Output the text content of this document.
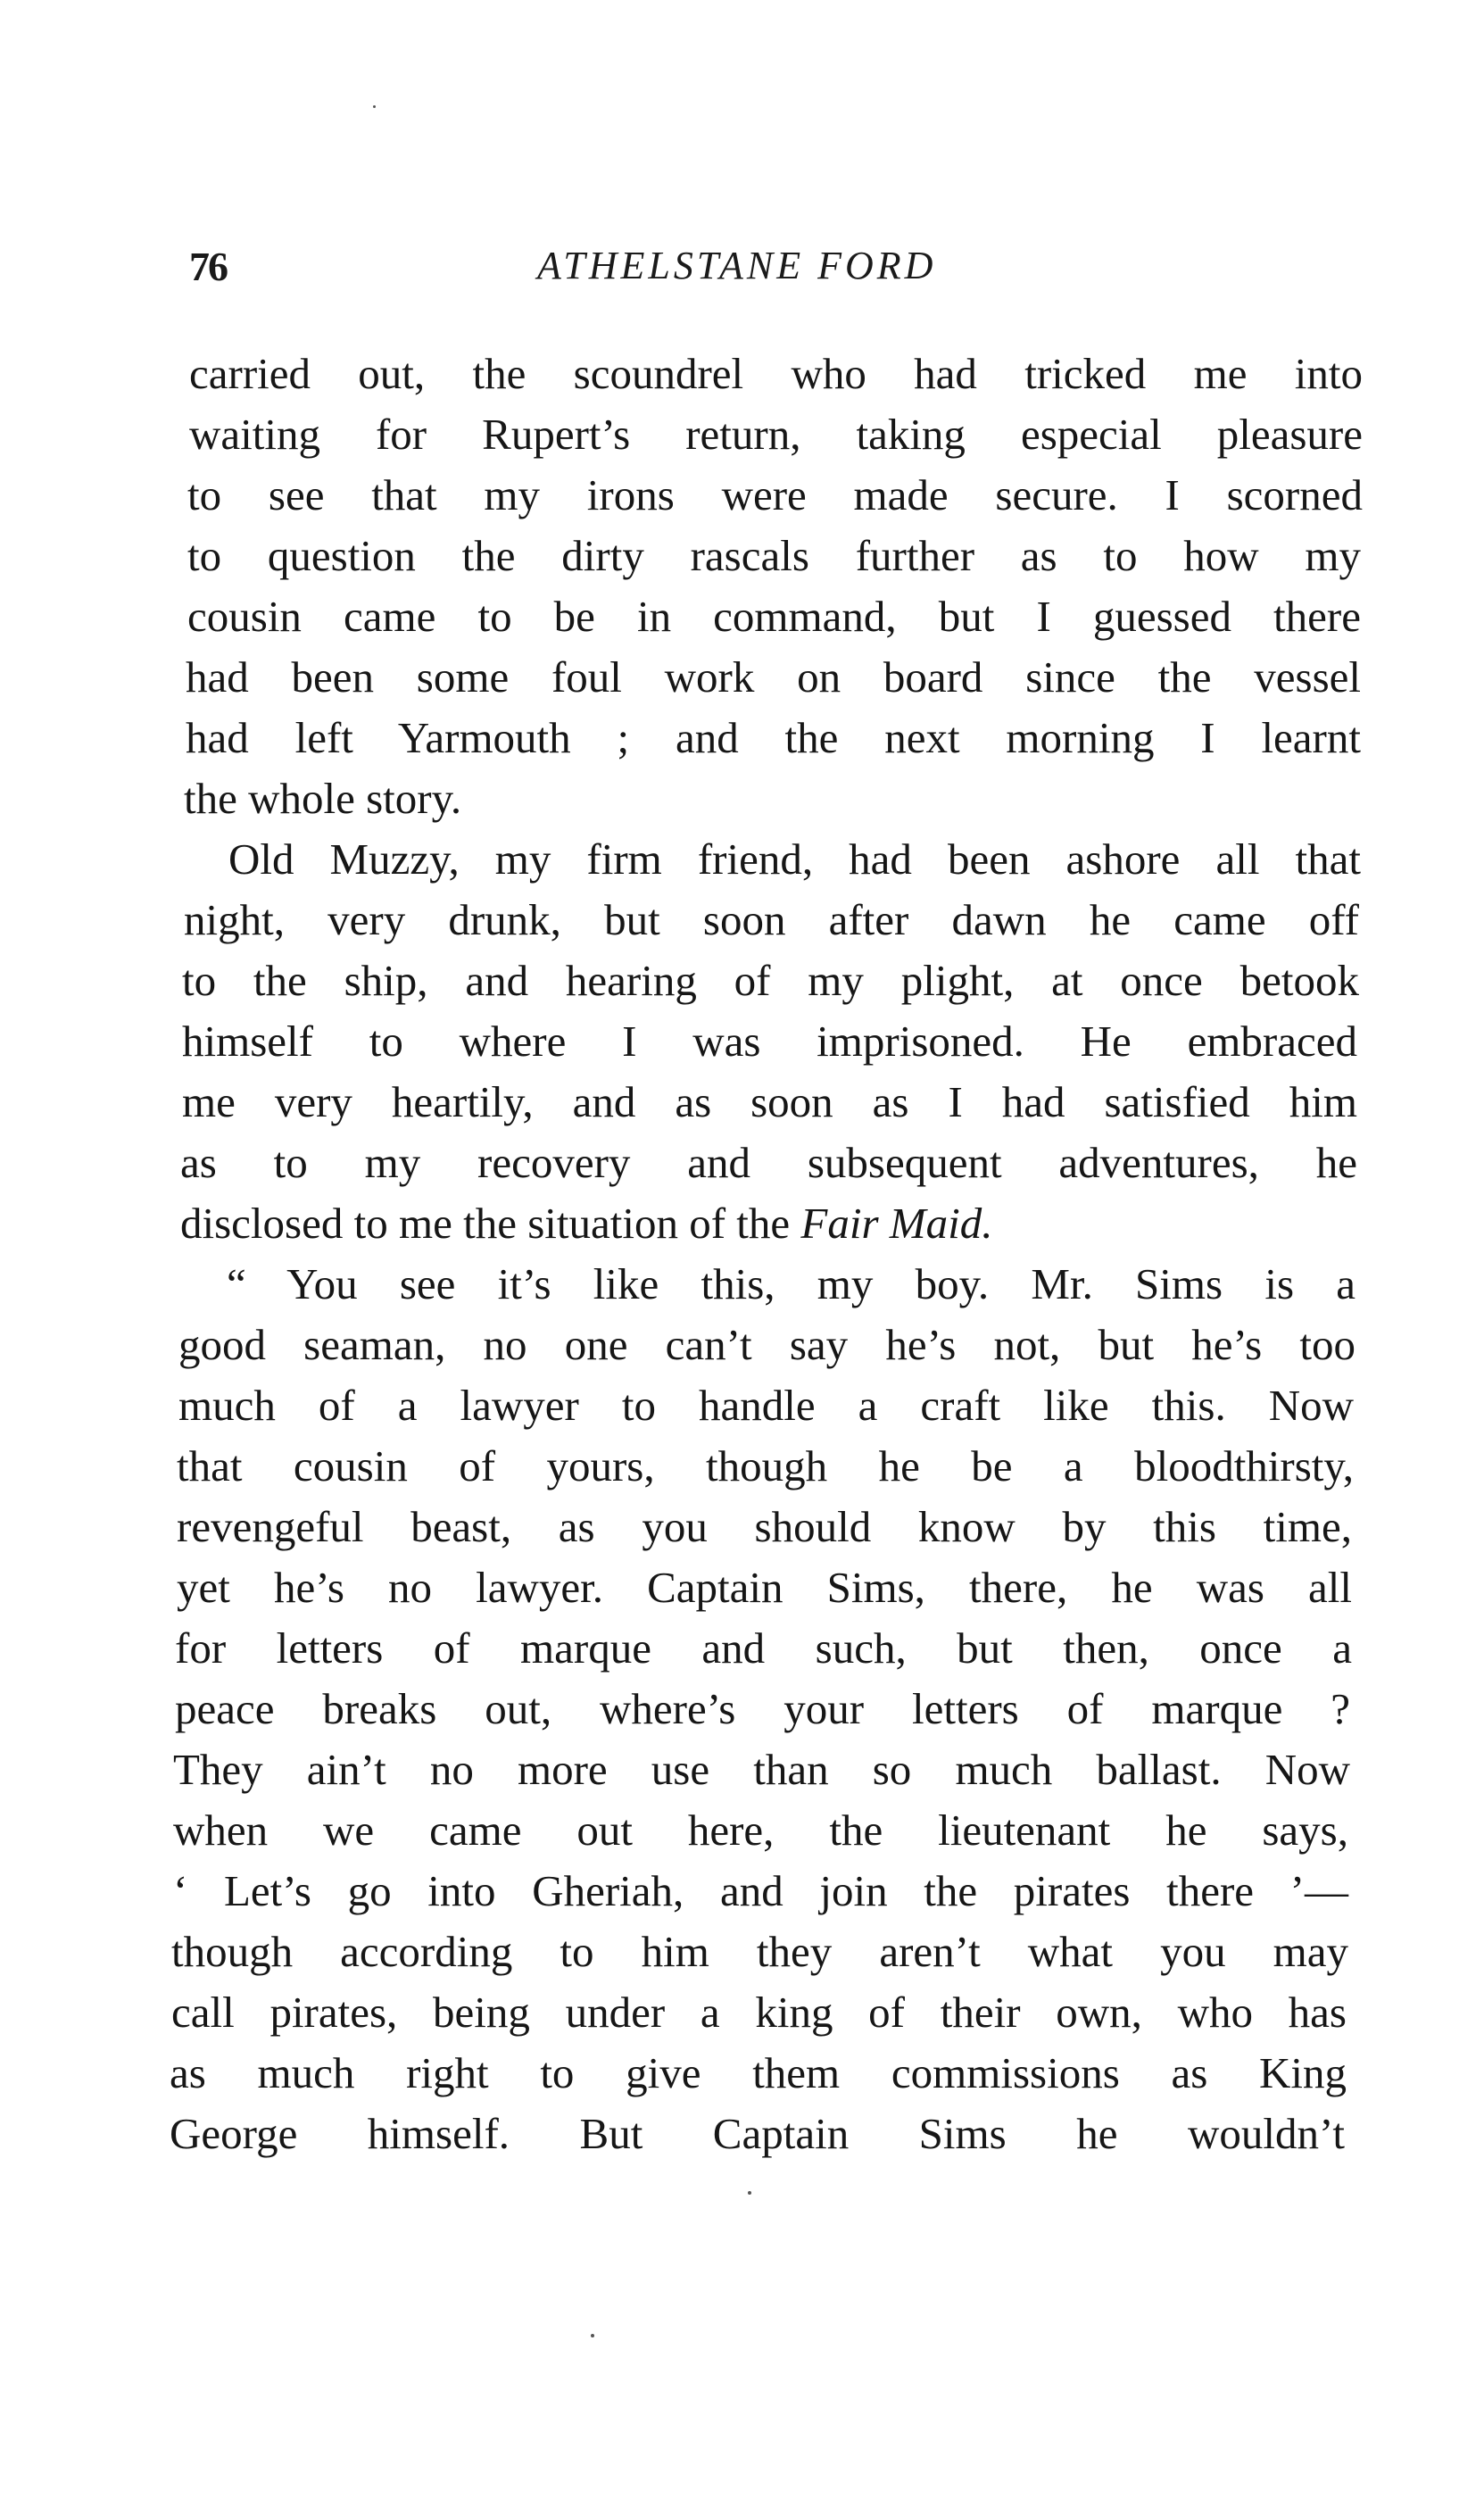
76	ATHELSTANE FORD
carried out, the scoundrel who had tricked me into
waiting for Rupert’s return, taking especial pleasure
to see that my irons were made secure. I scorned
to question the dirty rascals further as to how my
cousin came to be in command, but I guessed there
had been some foul work on board since the vessel
had left Yarmouth ; and the next morning I learnt
the whole story.
Old Muzzy, my firm friend, had been ashore all that
night, very drunk, but soon after dawn he came off
to the ship, and hearing of my plight, at once betook
himself to where I was imprisoned. He embraced
me very heartily, and as soon as I had satisfied him
as to my recovery and subsequent adventures, he
disclosed to me the situation of the Fair Maid.
“ You see it’s like this, my boy. Mr. Sims is a
good seaman, no one can’t say he’s not, but he’s too
much of a lawyer to handle a craft like this. Now
that cousin of yours, though he be a bloodthirsty,
revengeful beast, as you should know by this time,
yet he’s no lawyer. Captain Sims, there, he was all
for letters of marque and such, but then, once a
peace breaks out, where’s your letters of marque ?
They ain’t no more use than so much ballast. Now
when we came out here, the lieutenant he says,
‘ Let’s go into Gheriah, and join the pirates there ’—
though according to him they aren’t what you may
call pirates, being under a king of their own, who has
as much right to give them commissions as King
George himself. But Captain Sims he wouldn’t
